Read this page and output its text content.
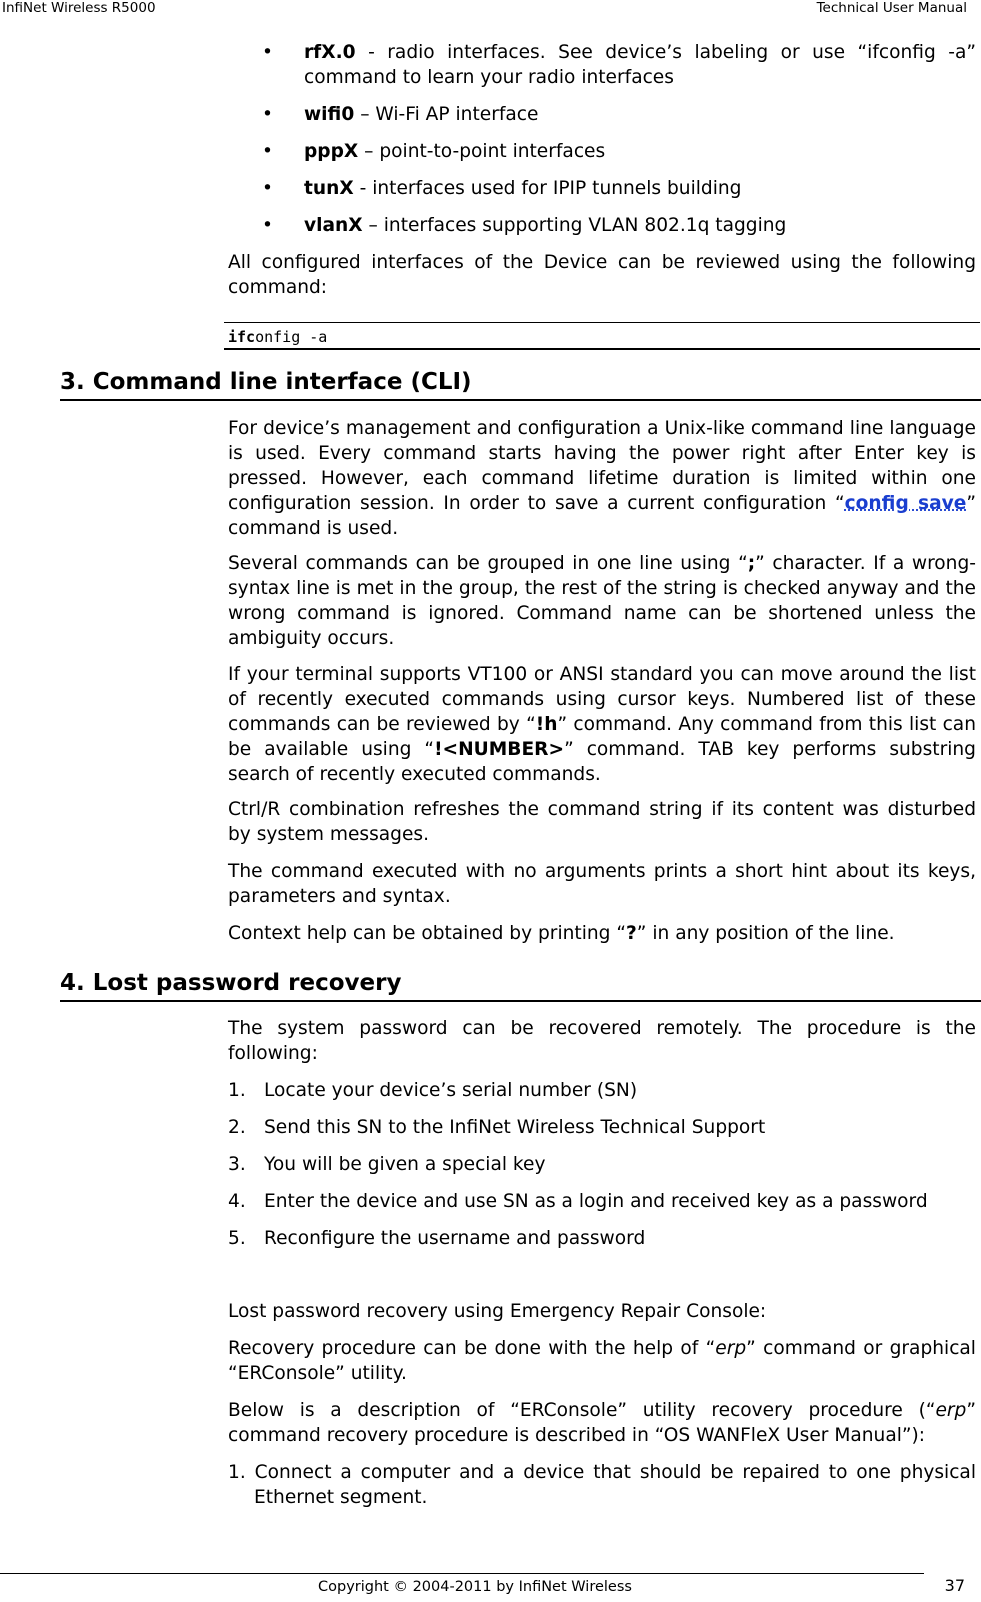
InfiNet Wireless R5000	Technical User Manual
• rfX.0 - radio interfaces. See device’s labeling or use “ifconfig -a” command to learn your radio interfaces
• wifi0 – Wi-Fi AP interface
• pppX – point-to-point interfaces
• tunX - interfaces used for IPIP tunnels building
• vlanX – interfaces supporting VLAN 802.1q tagging

All configured interfaces of the Device can be reviewed using the following command:

ifconfig -a
3. Command line interface (CLI)

For device’s management and configuration a Unix-like command line language is used. Every command starts having the power right after Enter key is pressed. However, each command lifetime duration is limited within one configuration session. In order to save a current configuration “config save” command is used.

Several commands can be grouped in one line using “;” character. If a wrong-syntax line is met in the group, the rest of the string is checked anyway and the wrong command is ignored. Command name can be shortened unless the ambiguity occurs.

If your terminal supports VT100 or ANSI standard you can move around the list of recently executed commands using cursor keys. Numbered list of these commands can be reviewed by “!h” command. Any command from this list can be available using “!<NUMBER>” command. TAB key performs substring search of recently executed commands.

Ctrl/R combination refreshes the command string if its content was disturbed by system messages.

The command executed with no arguments prints a short hint about its keys, parameters and syntax.

Context help can be obtained by printing “?” in any position of the line.

4. Lost password recovery

The system password can be recovered remotely. The procedure is the following:

1. Locate your device’s serial number (SN)
2. Send this SN to the InfiNet Wireless Technical Support
3. You will be given a special key
4. Enter the device and use SN as a login and received key as a password
5. Reconfigure the username and password

Lost password recovery using Emergency Repair Console:

Recovery procedure can be done with the help of “erp” command or graphical “ERConsole” utility.

Below is a description of “ERConsole” utility recovery procedure (“erp” command recovery procedure is described in “OS WANFleX User Manual”):

1. Connect a computer and a device that should be repaired to one physical Ethernet segment.
Copyright © 2004-2011 by InfiNet Wireless	37
